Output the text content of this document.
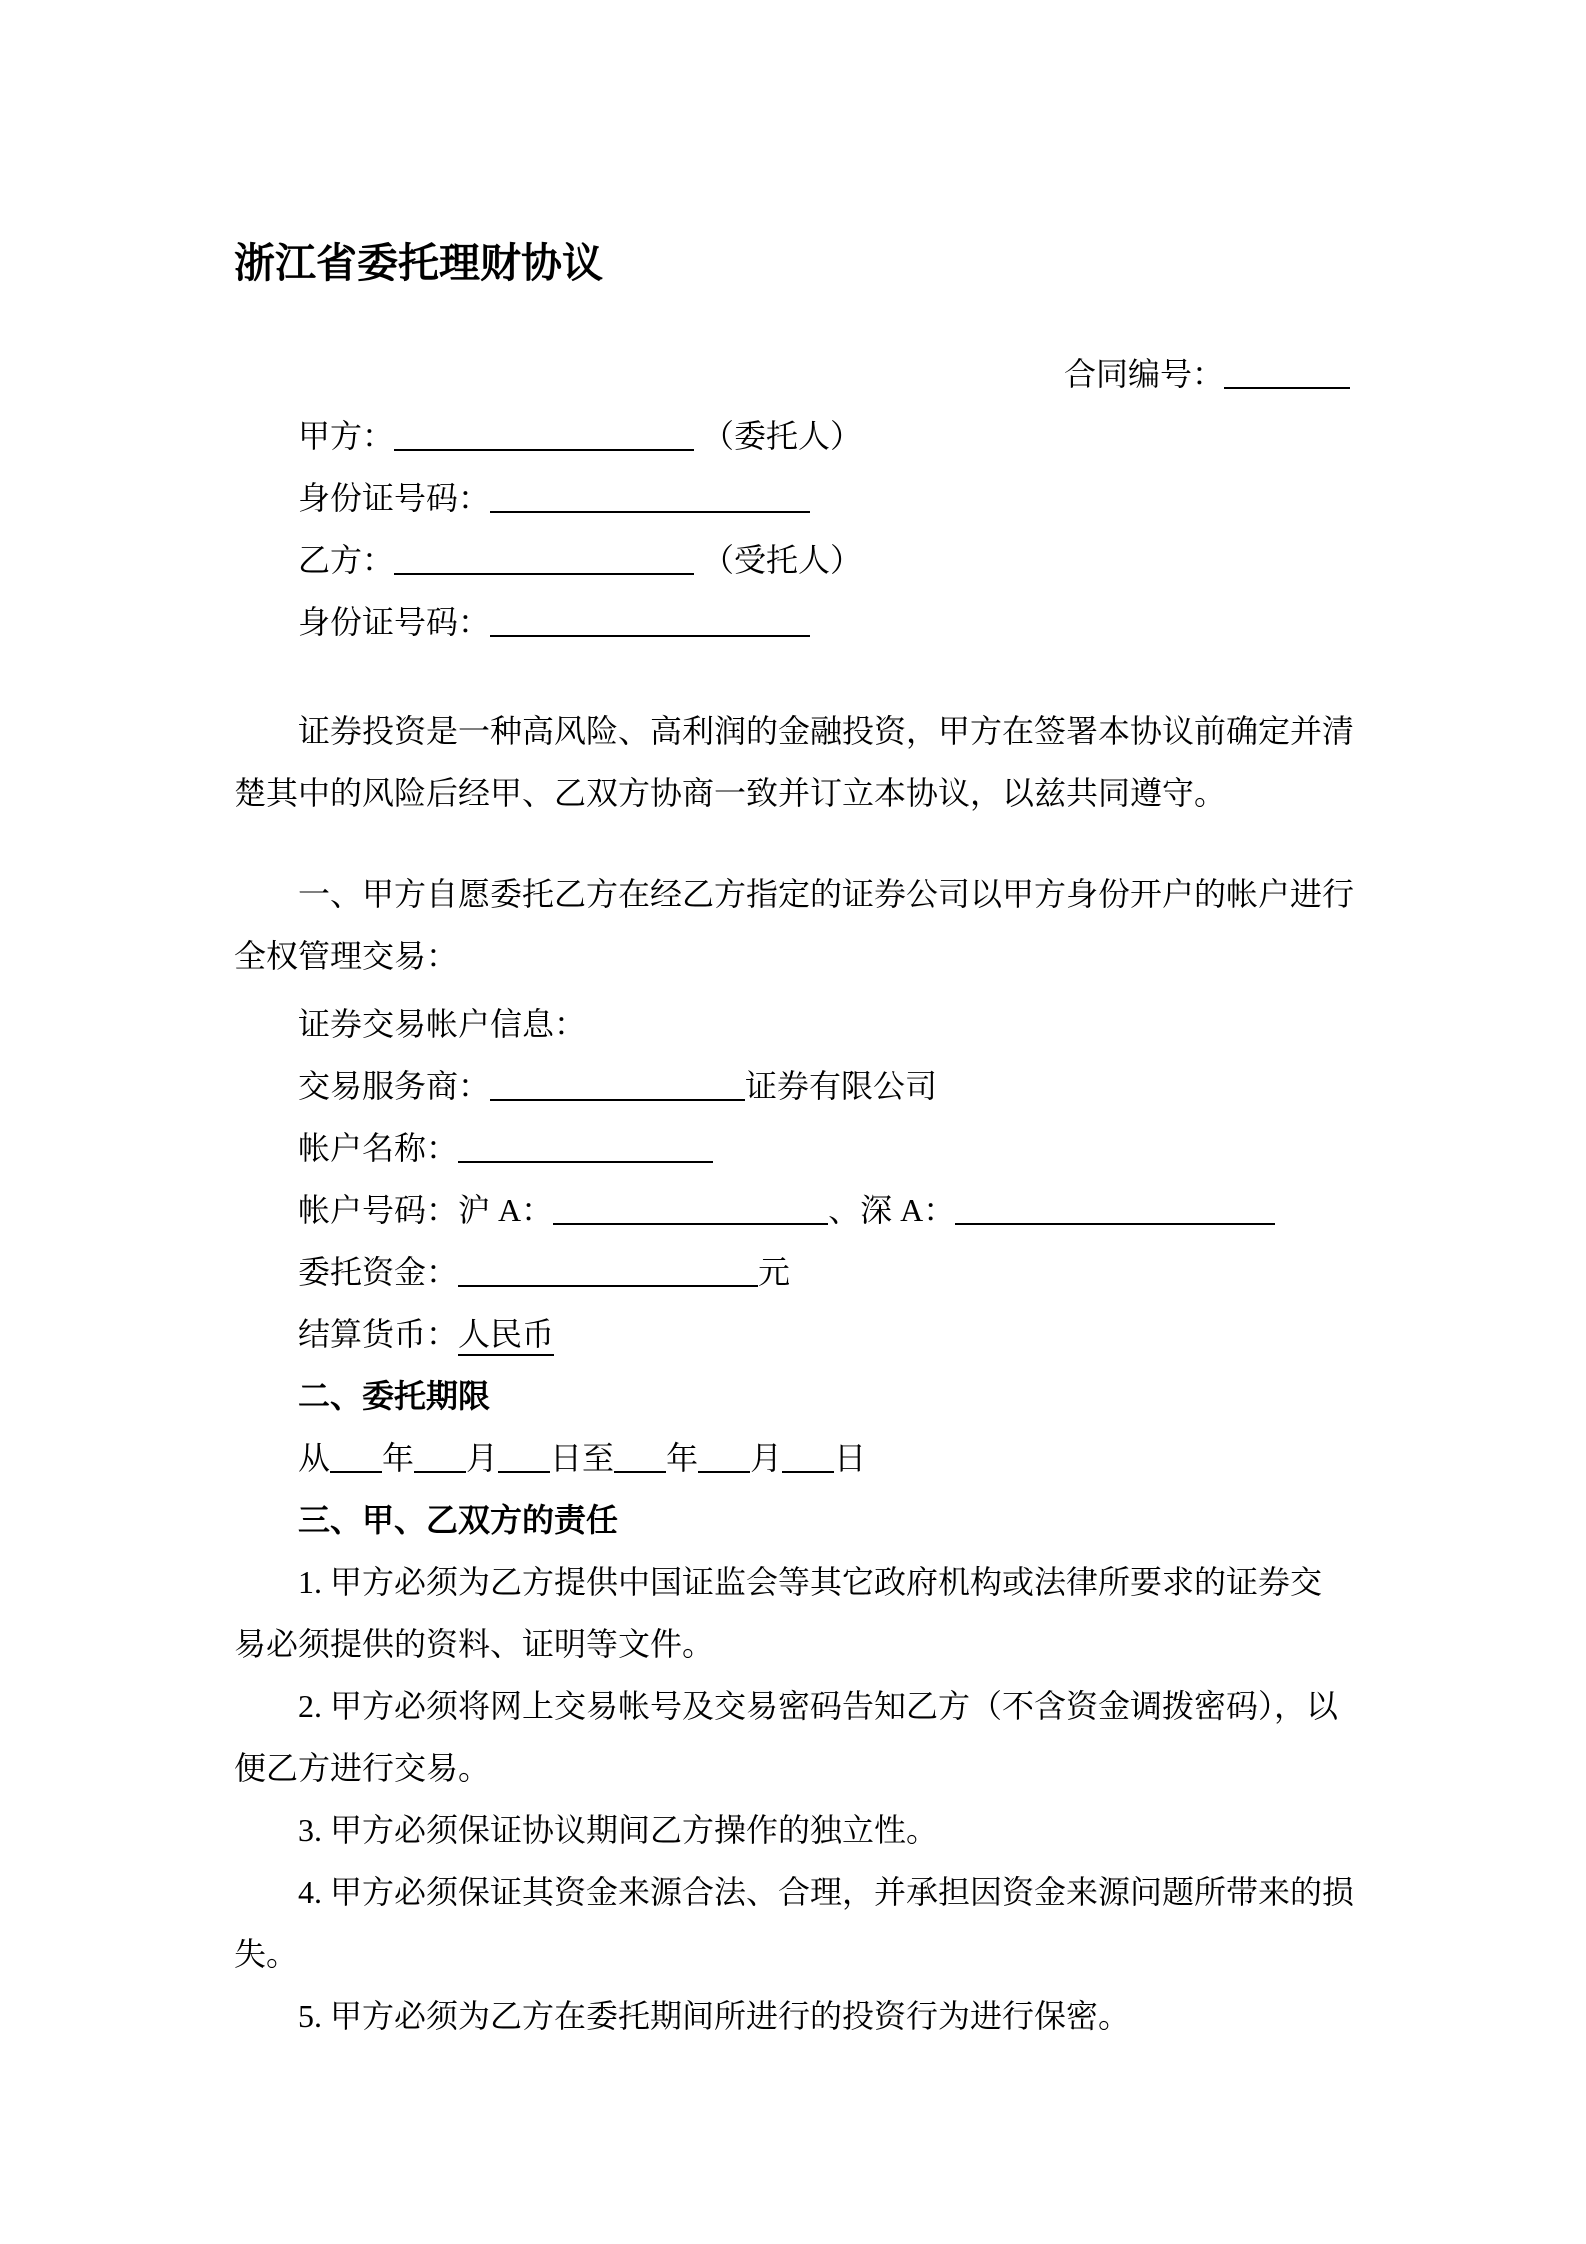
浙江省委托理财协议
合同编号：
甲方：	（委托人）
身份证号码：
乙方：	（受托人）
身份证号码：
证券投资是一种高风险、高利润的金融投资，甲方在签署本协议前确定并清
楚其中的风险后经甲、乙双方协商一致并订立本协议，以兹共同遵守。
一、甲方自愿委托乙方在经乙方指定的证券公司以甲方身份开户的帐户进行
全权管理交易：
证券交易帐户信息：
交易服务商：	证券有限公司
帐户名称：
帐户号码：沪 A：	、深 A：
委托资金：	元
结算货币：人民币
二、委托期限
从 年 月 日至 年 月 日
三、甲、乙双方的责任
1. 甲方必须为乙方提供中国证监会等其它政府机构或法律所要求的证券交
易必须提供的资料、证明等文件。
2. 甲方必须将网上交易帐号及交易密码告知乙方（不含资金调拨密码），以
便乙方进行交易。
3. 甲方必须保证协议期间乙方操作的独立性。
4. 甲方必须保证其资金来源合法、合理，并承担因资金来源问题所带来的损
失。
5. 甲方必须为乙方在委托期间所进行的投资行为进行保密。
